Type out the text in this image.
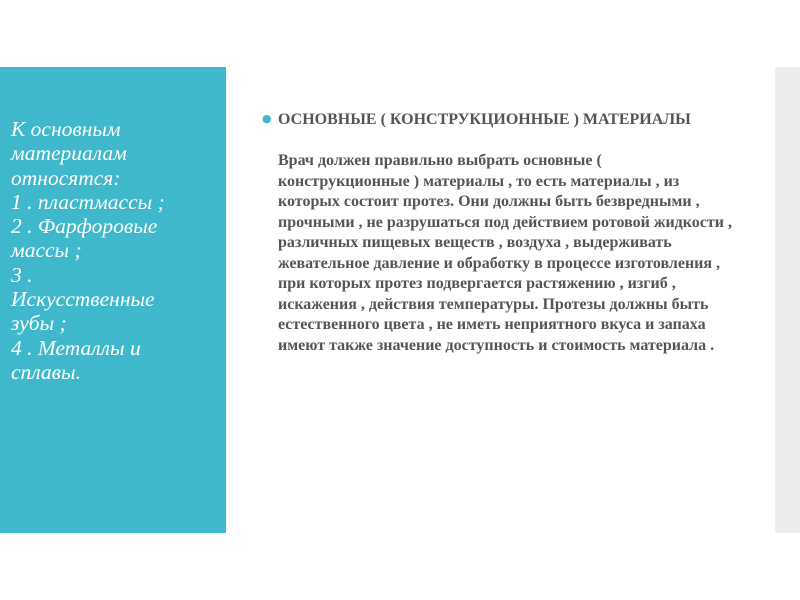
К основным
материалам
относятся:
1 . пластмассы ;
2 . Фарфоровые
массы ;
3 .
Искусственные
зубы ;
4 . Металлы и
сплавы.

● ОСНОВНЫЕ ( КОНСТРУКЦИОННЫЕ ) МАТЕРИАЛЫ

Врач должен правильно выбрать основные ( конструкционные ) материалы , то есть материалы , из которых состоит протез. Они должны быть безвредными , прочными , не разрушаться под действием ротовой жидкости , различных пищевых веществ , воздуха , выдерживать жевательное давление и обработку в процессе изготовления , при которых протез подвергается растяжению , изгиб , искажения , действия температуры. Протезы должны быть естественного цвета , не иметь неприятного вкуса и запаха имеют также значение доступность и стоимость материала .
